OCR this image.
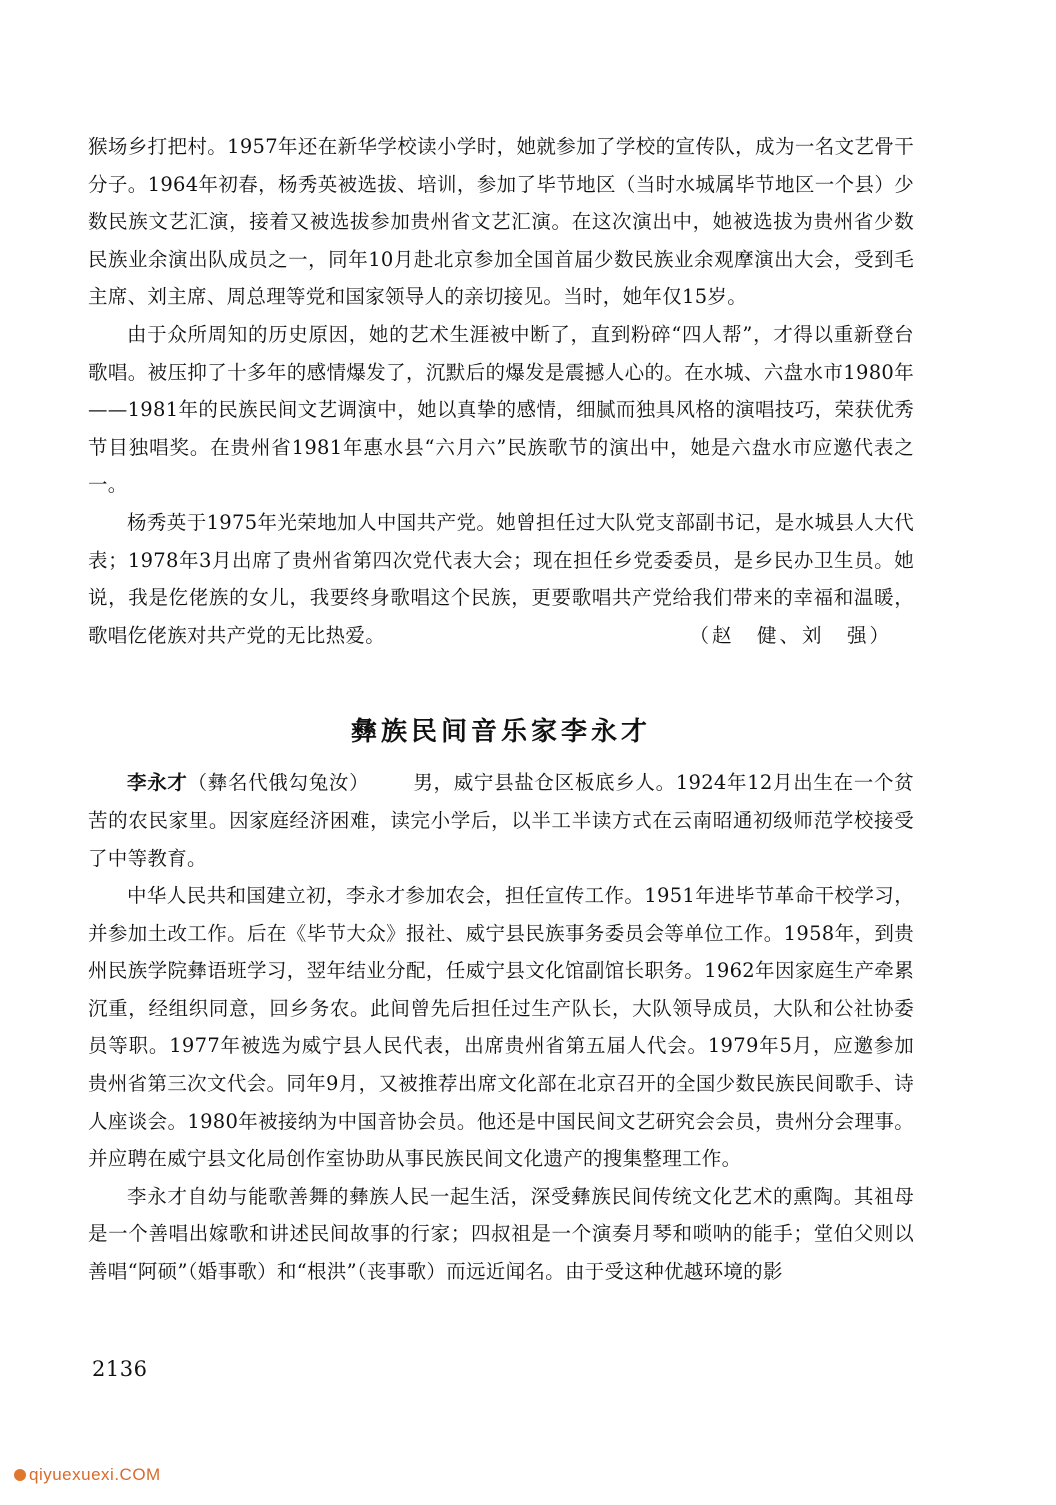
猴场乡打把村。1957年还在新华学校读小学时，她就参加了学校的宣传队，成为一名文艺骨干分子。1964年初春，杨秀英被选拔、培训，参加了毕节地区（当时水城属毕节地区一个县）少数民族文艺汇演，接着又被选拔参加贵州省文艺汇演。在这次演出中，她被选拔为贵州省少数民族业余演出队成员之一，同年10月赴北京参加全国首届少数民族业余观摩演出大会，受到毛主席、刘主席、周总理等党和国家领导人的亲切接见。当时，她年仅15岁。

由于众所周知的历史原因，她的艺术生涯被中断了，直到粉碎“四人帮”，才得以重新登台歌唱。被压抑了十多年的感情爆发了，沉默后的爆发是震撼人心的。在水城、六盘水市1980年——1981年的民族民间文艺调演中，她以真挚的感情，细腻而独具风格的演唱技巧，荣获优秀节目独唱奖。在贵州省1981年惠水县“六月六”民族歌节的演出中，她是六盘水市应邀代表之一。

杨秀英于1975年光荣地加人中国共产党。她曾担任过大队党支部副书记，是水城县人大代表；1978年3月出席了贵州省第四次党代表大会；现在担任乡党委委员，是乡民办卫生员。她说，我是仡佬族的女儿，我要终身歌唱这个民族，更要歌唱共产党给我们带来的幸福和温暖，歌唱仡佬族对共产党的无比热爱。	（赵　健、刘　强）

彝族民间音乐家李永才

李永才（彝名代俄勾兔汝） 男，威宁县盐仓区板底乡人。1924年12月出生在一个贫苦的农民家里。因家庭经济困难，读完小学后，以半工半读方式在云南昭通初级师范学校接受了中等教育。

中华人民共和国建立初，李永才参加农会，担任宣传工作。1951年进毕节革命干校学习，并参加土改工作。后在《毕节大众》报社、威宁县民族事务委员会等单位工作。1958年，到贵州民族学院彝语班学习，翌年结业分配，任威宁县文化馆副馆长职务。1962年因家庭生产牵累沉重，经组织同意，回乡务农。此间曾先后担任过生产队长，大队领导成员，大队和公社协委员等职。1977年被选为威宁县人民代表，出席贵州省第五届人代会。1979年5月，应邀参加贵州省第三次文代会。同年9月，又被推荐出席文化部在北京召开的全国少数民族民间歌手、诗人座谈会。1980年被接纳为中国音协会员。他还是中国民间文艺研究会会员，贵州分会理事。并应聘在威宁县文化局创作室协助从事民族民间文化遗产的搜集整理工作。

李永才自幼与能歌善舞的彝族人民一起生活，深受彝族民间传统文化艺术的熏陶。其祖母是一个善唱出嫁歌和讲述民间故事的行家；四叔祖是一个演奏月琴和唢呐的能手；堂伯父则以善唱“阿硕”（婚事歌）和“根洪”（丧事歌）而远近闻名。由于受这种优越环境的影

2136
qiyuexuexi.COM
